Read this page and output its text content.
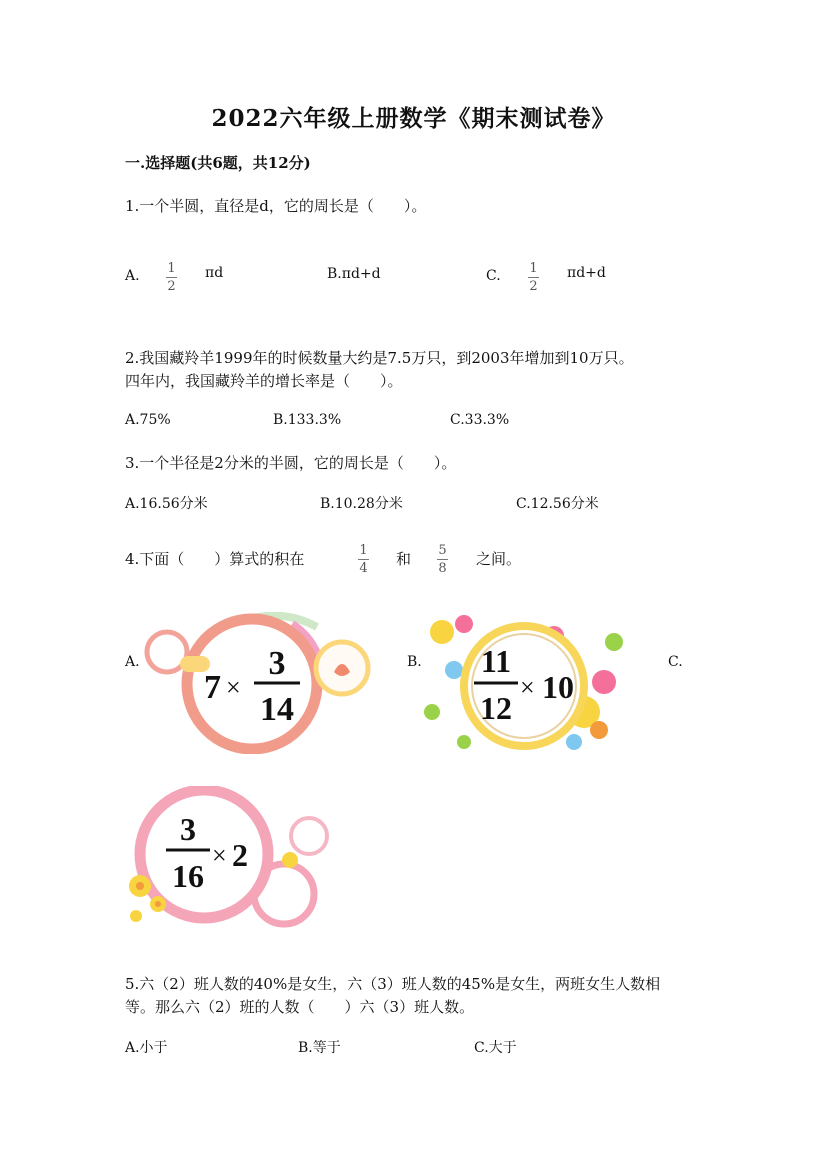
2022六年级上册数学《期末测试卷》
一.选择题(共6题，共12分)
1.一个半圆，直径是d，它的周长是（　　）。
A. 1
2
πd	B.πd+d	C. 1
2
πd+d
2.我国藏羚羊1999年的时候数量大约是7.5万只，到2003年增加到10万只。
四年内，我国藏羚羊的增长率是（　　）。
A.75%	B.133.3%	C.33.3%
3.一个半径是2分米的半圆，它的周长是（　　）。
A.16.56分米	B.10.28分米	C.12.56分米
4.下面（　　）算式的积在	1
4
和 5
8
之间。
A.	B.	C.
7 ×
3
14
11
12
× 10
3
16
× 2
5.六（2）班人数的40%是女生，六（3）班人数的45%是女生，两班女生人数相
等。那么六（2）班的人数（　　）六（3）班人数。
A.小于	B.等于	C.大于
